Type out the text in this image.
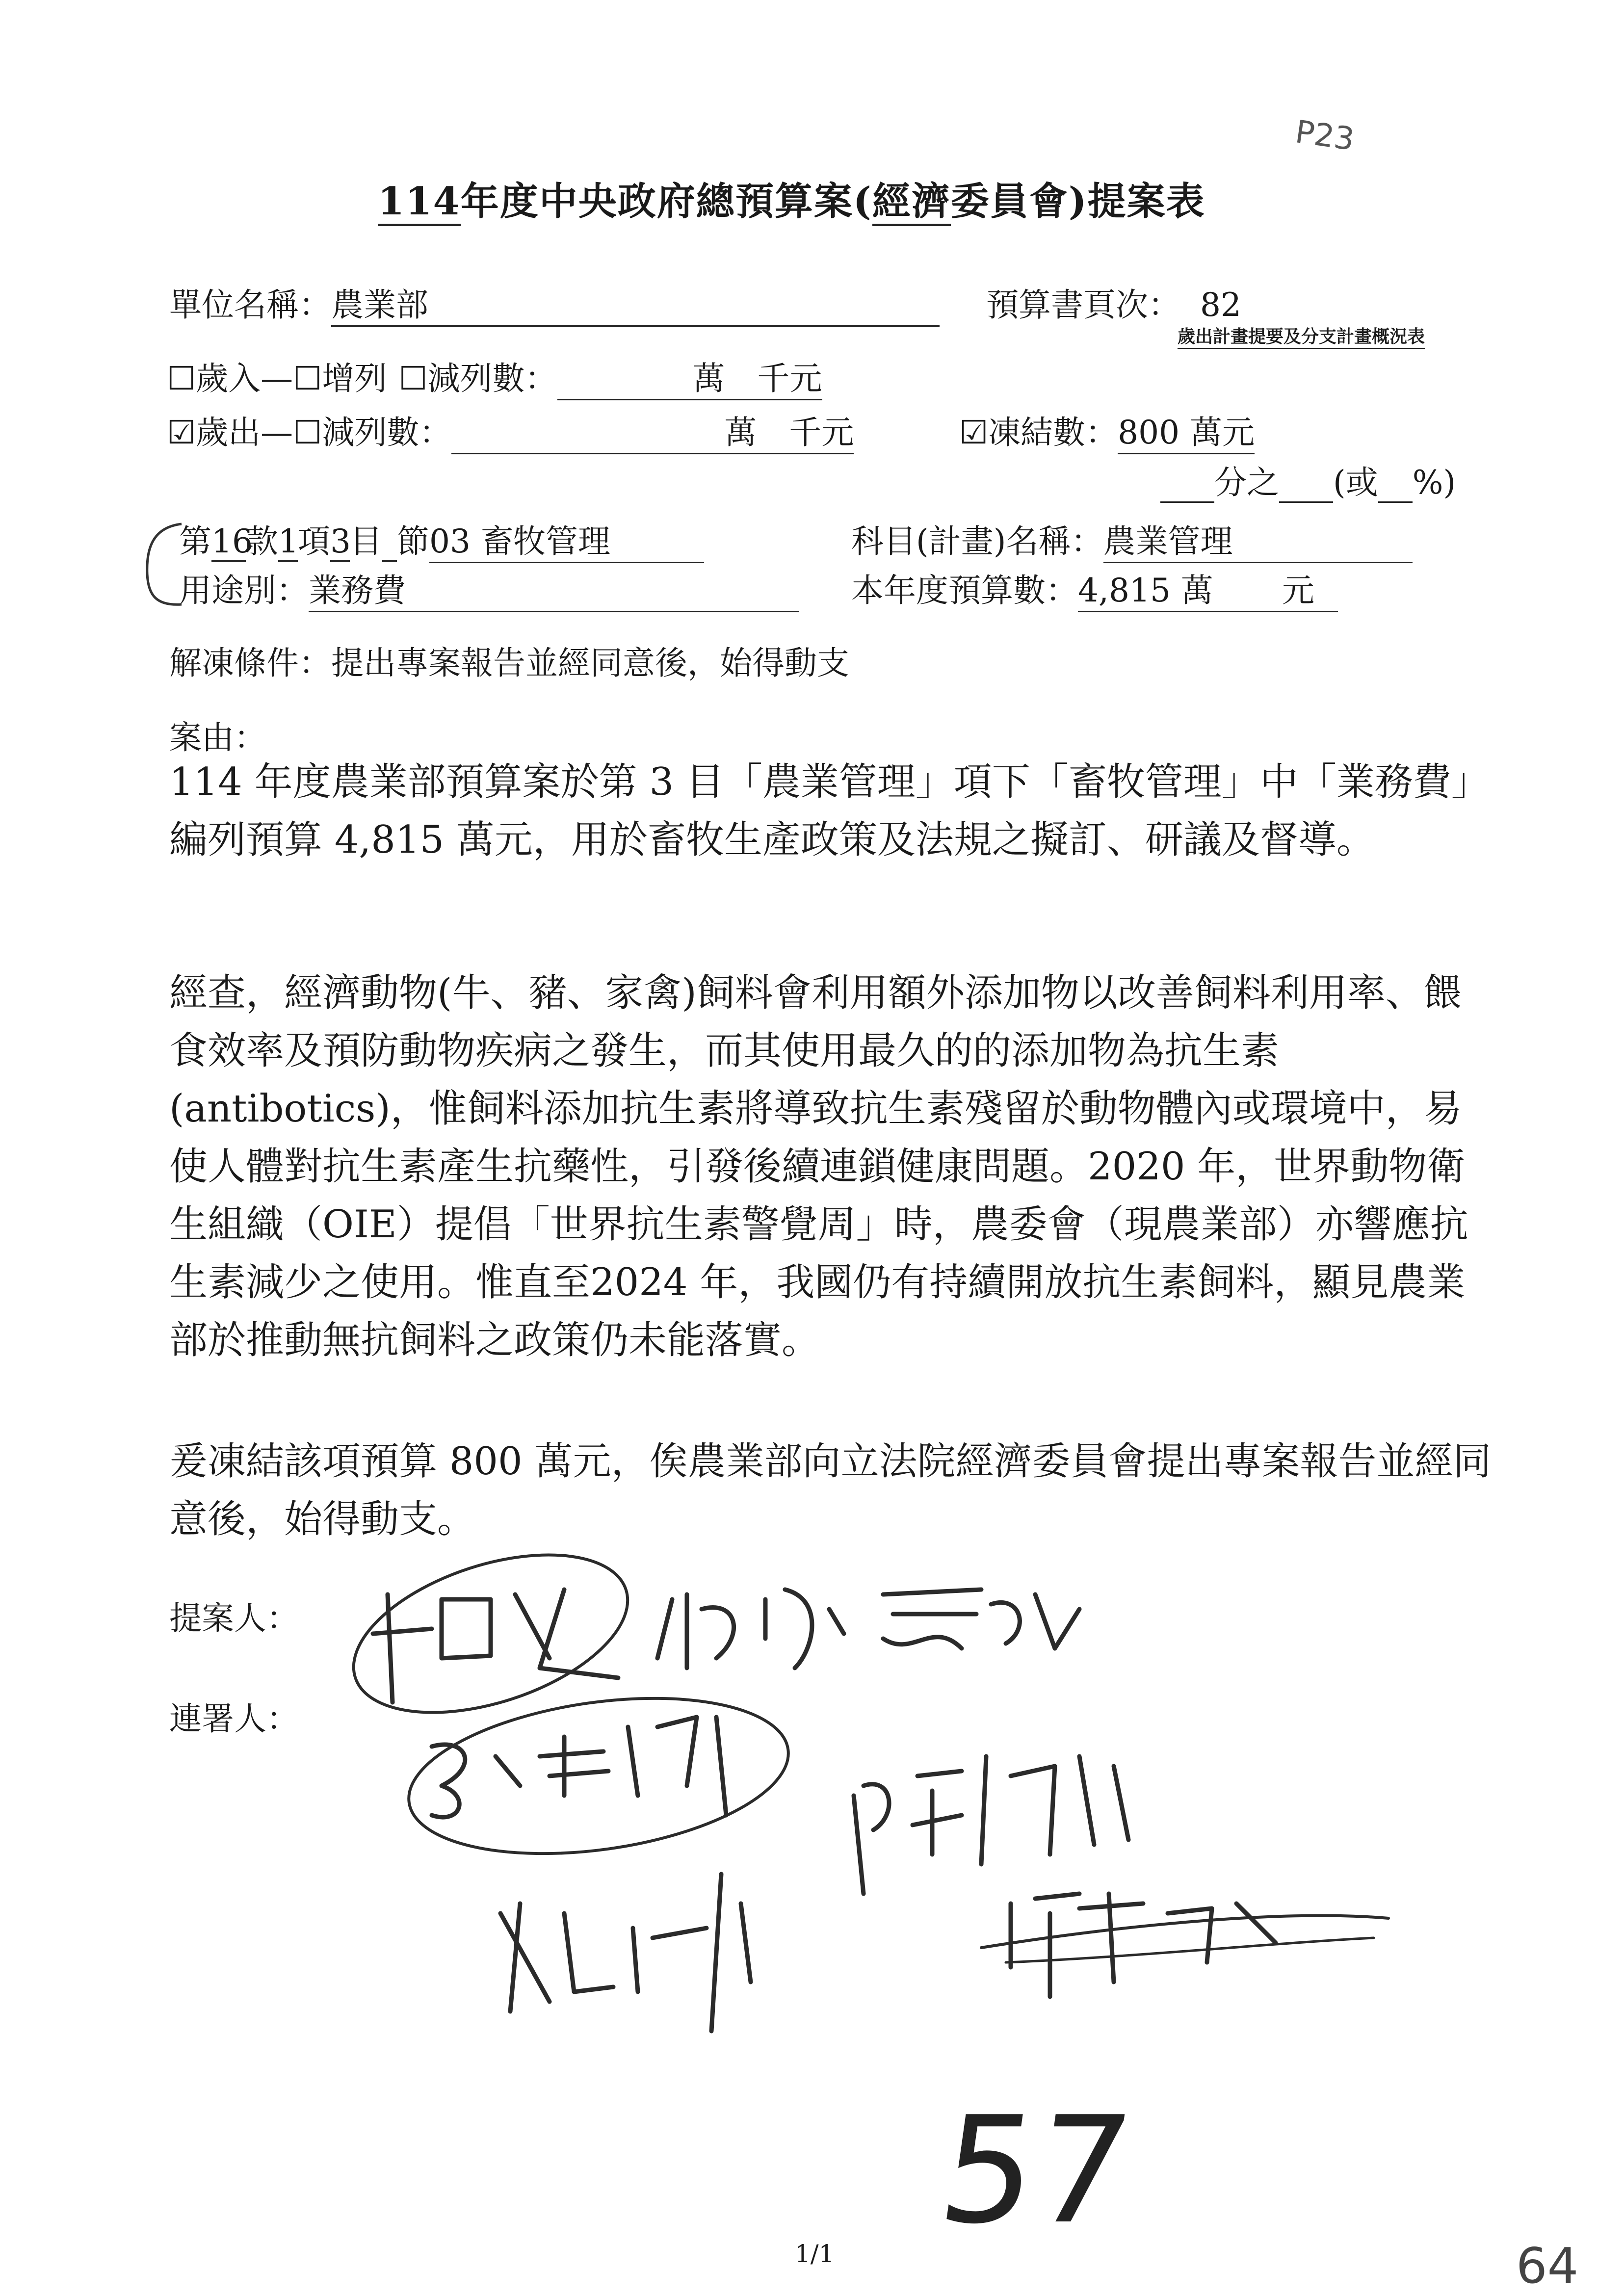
P23
114年度中央政府總預算案(經濟委員會)提案表
單位名稱：農業部	預算書頁次： 82
歲出計畫提要及分支計畫概況表
☐歲入—☐增列 ☐減列數：	萬　千元
☑歲出—☐減列數：	萬　千元	☑凍結數：800 萬元
分之 (或 %)
第16款1項3目 節03 畜牧管理	科目(計畫)名稱：農業管理
用途別：業務費	本年度預算數：4,815 萬 元
解凍條件：提出專案報告並經同意後，始得動支
案由：
114 年度農業部預算案於第 3 目「農業管理」項下「畜牧管理」中「業務費」編列預算 4,815 萬元，用於畜牧生產政策及法規之擬訂、研議及督導。
經查，經濟動物(牛、豬、家禽)飼料會利用額外添加物以改善飼料利用率、餵食效率及預防動物疾病之發生，而其使用最久的的添加物為抗生素(antibotics)，惟飼料添加抗生素將導致抗生素殘留於動物體內或環境中，易使人體對抗生素產生抗藥性，引發後續連鎖健康問題。2020 年，世界動物衛生組織（OIE）提倡「世界抗生素警覺周」時，農委會（現農業部）亦響應抗生素減少之使用。惟直至2024 年，我國仍有持續開放抗生素飼料，顯見農業部於推動無抗飼料之政策仍未能落實。
爰凍結該項預算 800 萬元，俟農業部向立法院經濟委員會提出專案報告並經同意後，始得動支。
提案人：
連署人：
57
1/1	64
